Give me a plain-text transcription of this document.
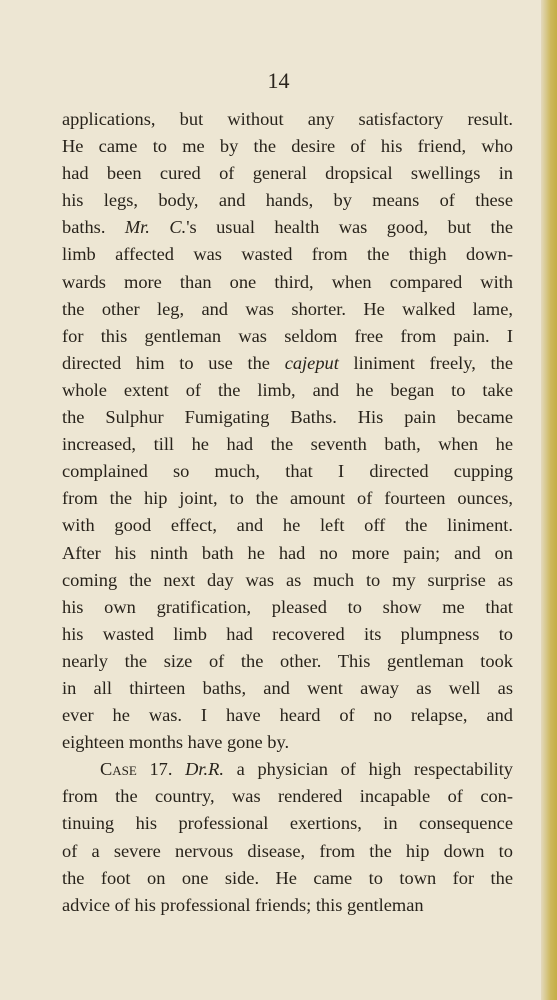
14
applications, but without any satisfactory result.
He came to me by the desire of his friend, who
had been cured of general dropsical swellings in
his legs, body, and hands, by means of these
baths. Mr. C.'s usual health was good, but the
limb affected was wasted from the thigh down-
wards more than one third, when compared with
the other leg, and was shorter. He walked lame,
for this gentleman was seldom free from pain. I
directed him to use the cajeput liniment freely, the
whole extent of the limb, and he began to take
the Sulphur Fumigating Baths. His pain became
increased, till he had the seventh bath, when he
complained so much, that I directed cupping
from the hip joint, to the amount of fourteen ounces,
with good effect, and he left off the liniment.
After his ninth bath he had no more pain; and on
coming the next day was as much to my surprise as
his own gratification, pleased to show me that
his wasted limb had recovered its plumpness to
nearly the size of the other. This gentleman took
in all thirteen baths, and went away as well as
ever he was. I have heard of no relapse, and
eighteen months have gone by.
Case 17. Dr.R. a physician of high respectability
from the country, was rendered incapable of con-
tinuing his professional exertions, in consequence
of a severe nervous disease, from the hip down to
the foot on one side. He came to town for the
advice of his professional friends; this gentleman
